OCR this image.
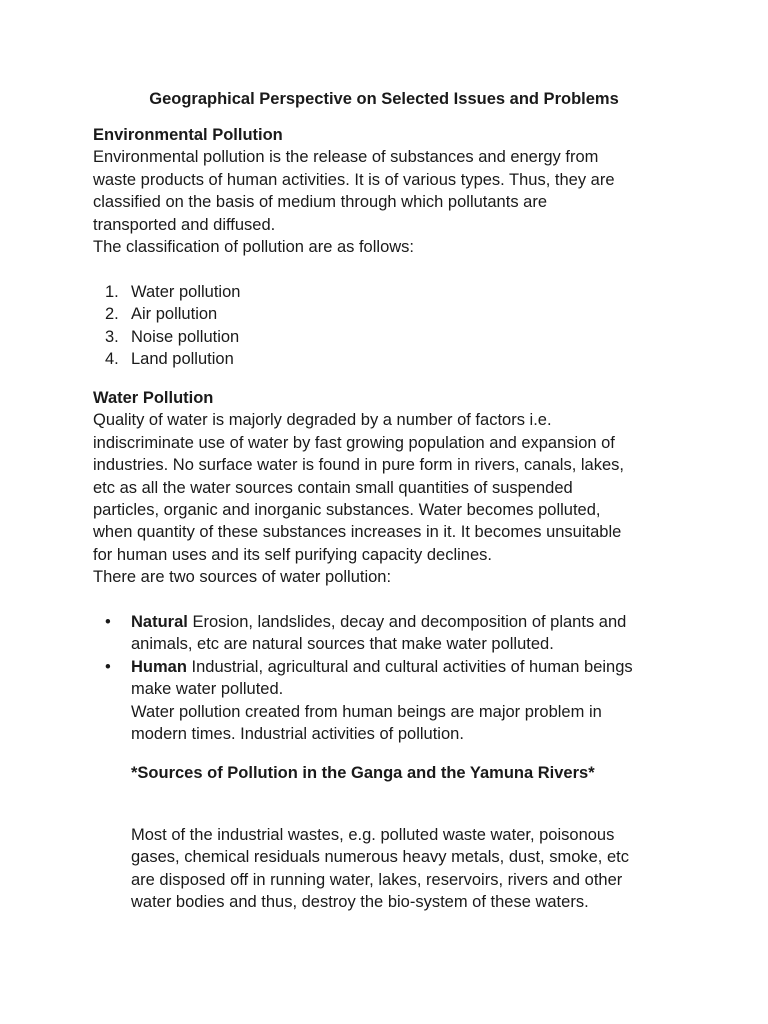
Geographical Perspective on Selected Issues and Problems

Environmental Pollution

Environmental pollution is the release of substances and energy from

waste products of human activities. It is of various types. Thus, they are

classified on the basis of medium through which pollutants are

transported and diffused.

The classification of pollution are as follows:

1. Water pollution
2. Air pollution
3. Noise pollution
4. Land pollution

Water Pollution

Quality of water is majorly degraded by a number of factors i.e.

indiscriminate use of water by fast growing population and expansion of

industries. No surface water is found in pure form in rivers, canals, lakes,

etc as all the water sources contain small quantities of suspended

particles, organic and inorganic substances. Water becomes polluted,

when quantity of these substances increases in it. It becomes unsuitable

for human uses and its self purifying capacity declines.

There are two sources of water pollution:

• Natural Erosion, landslides, decay and decomposition of plants and
animals, etc are natural sources that make water polluted.
• Human Industrial, agricultural and cultural activities of human beings
make water polluted.
Water pollution created from human beings are major problem in
modern times. Industrial activities of pollution.

*Sources of Pollution in the Ganga and the Yamuna Rivers*

Most of the industrial wastes, e.g. polluted waste water, poisonous

gases, chemical residuals numerous heavy metals, dust, smoke, etc

are disposed off in running water, lakes, reservoirs, rivers and other

water bodies and thus, destroy the bio-system of these waters.
